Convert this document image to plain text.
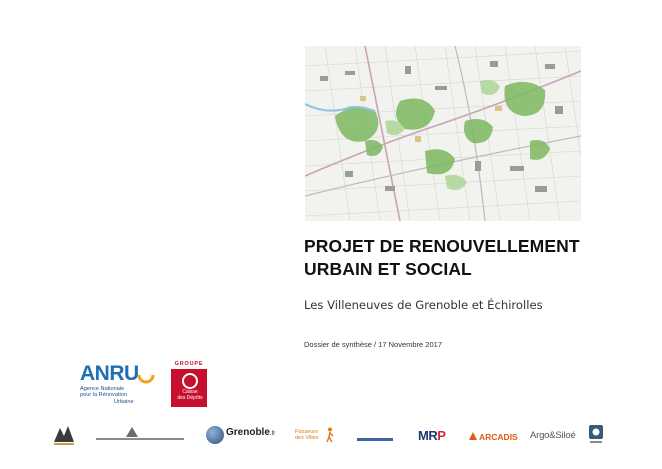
PROJET DE RENOUVELLEMENT
URBAIN ET SOCIAL
Les Villeneuves de Grenoble et Échirolles
Dossier de synthèse / 17 Novembre 2017
ANRU
Agence Nationale
pour la Rénovation
Urbaine
GROUPE
Caisse
des Dépôts
Grenoble.fr	Passeurs
des Villes	MRP	ARCADIS Argo&Siloé
